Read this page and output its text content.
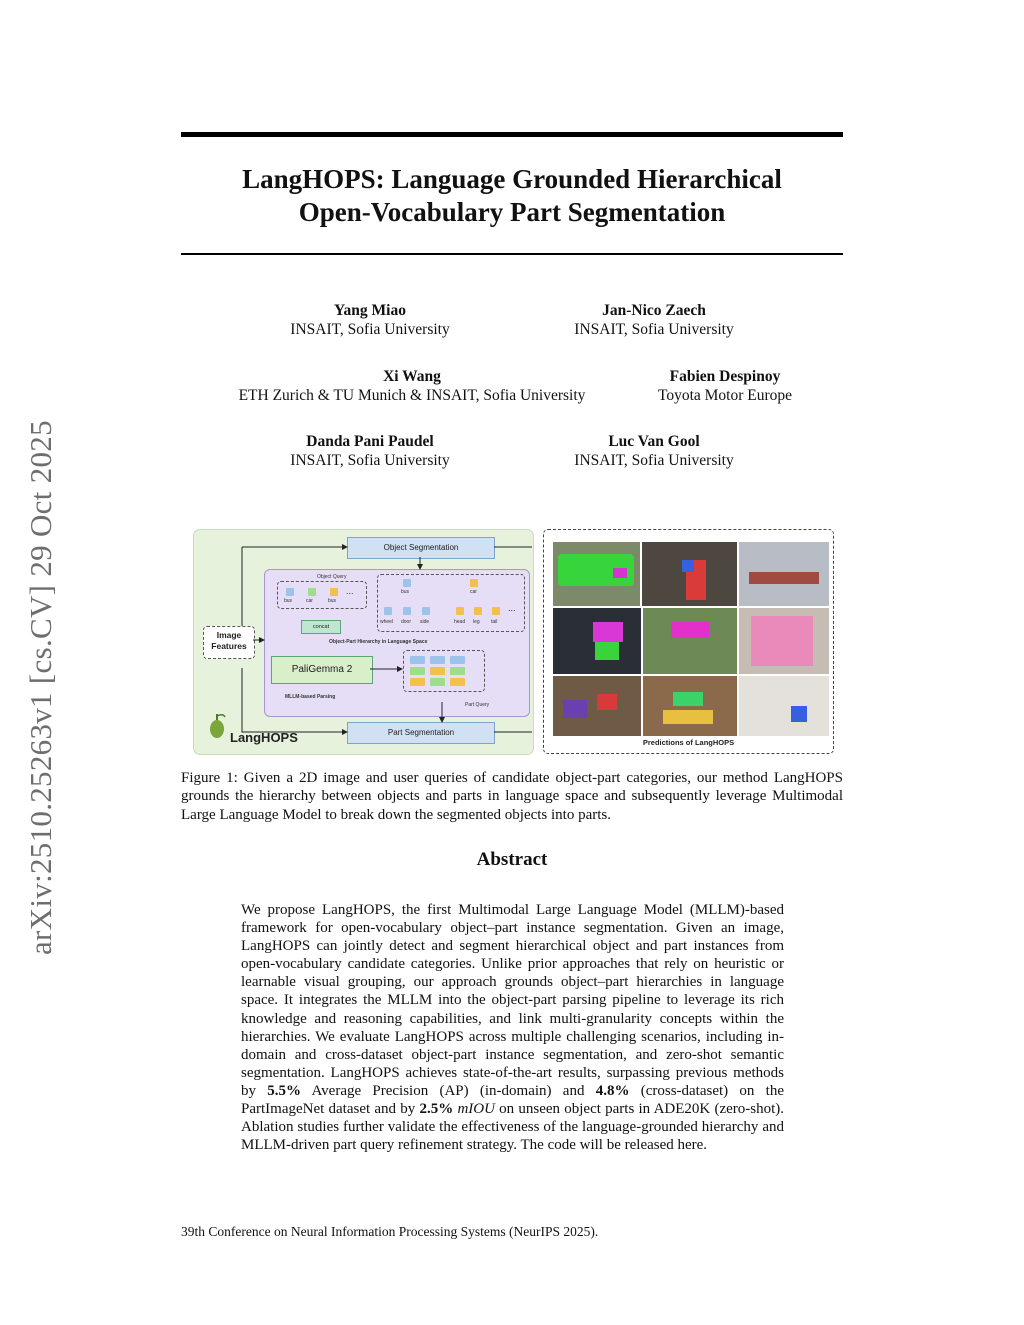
arXiv:2510.25263v1 [cs.CV] 29 Oct 2025
LangHOPS: Language Grounded Hierarchical
Open-Vocabulary Part Segmentation
Yang Miao
INSAIT, Sofia University
Jan-Nico Zaech
INSAIT, Sofia University
Xi Wang
ETH Zurich & TU Munich & INSAIT, Sofia University
Fabien Despinoy
Toyota Motor Europe
Danda Pani Paudel
INSAIT, Sofia University
Luc Van Gool
INSAIT, Sofia University
Object Segmentation
Object Query
...
bus	car	bus
bus	car
wheel door side	head leg tail
...
concat
Object-Part Hierarchy in Language Space
PaliGemma 2
MLLM-based Parsing
Part Query
Image Features
Part Segmentation
LangHOPS	Predictions of LangHOPS
Figure 1: Given a 2D image and user queries of candidate object-part categories, our method LangHOPS grounds the hierarchy between objects and parts in language space and subsequently leverage Multimodal Large Language Model to break down the segmented objects into parts.
Abstract
We propose LangHOPS, the first Multimodal Large Language Model (MLLM)-based framework for open-vocabulary object–part instance segmentation. Given an image, LangHOPS can jointly detect and segment hierarchical object and part instances from open-vocabulary candidate categories. Unlike prior approaches that rely on heuristic or learnable visual grouping, our approach grounds object–part hierarchies in language space. It integrates the MLLM into the object-part parsing pipeline to leverage its rich knowledge and reasoning capabilities, and link multi-granularity concepts within the hierarchies. We evaluate LangHOPS across multiple challenging scenarios, including in-domain and cross-dataset object-part instance segmentation, and zero-shot semantic segmentation. LangHOPS achieves state-of-the-art results, surpassing previous methods by 5.5% Average Precision (AP) (in-domain) and 4.8% (cross-dataset) on the PartImageNet dataset and by 2.5% mIOU on unseen object parts in ADE20K (zero-shot). Ablation studies further validate the effectiveness of the language-grounded hierarchy and MLLM-driven part query refinement strategy. The code will be released here.
39th Conference on Neural Information Processing Systems (NeurIPS 2025).
